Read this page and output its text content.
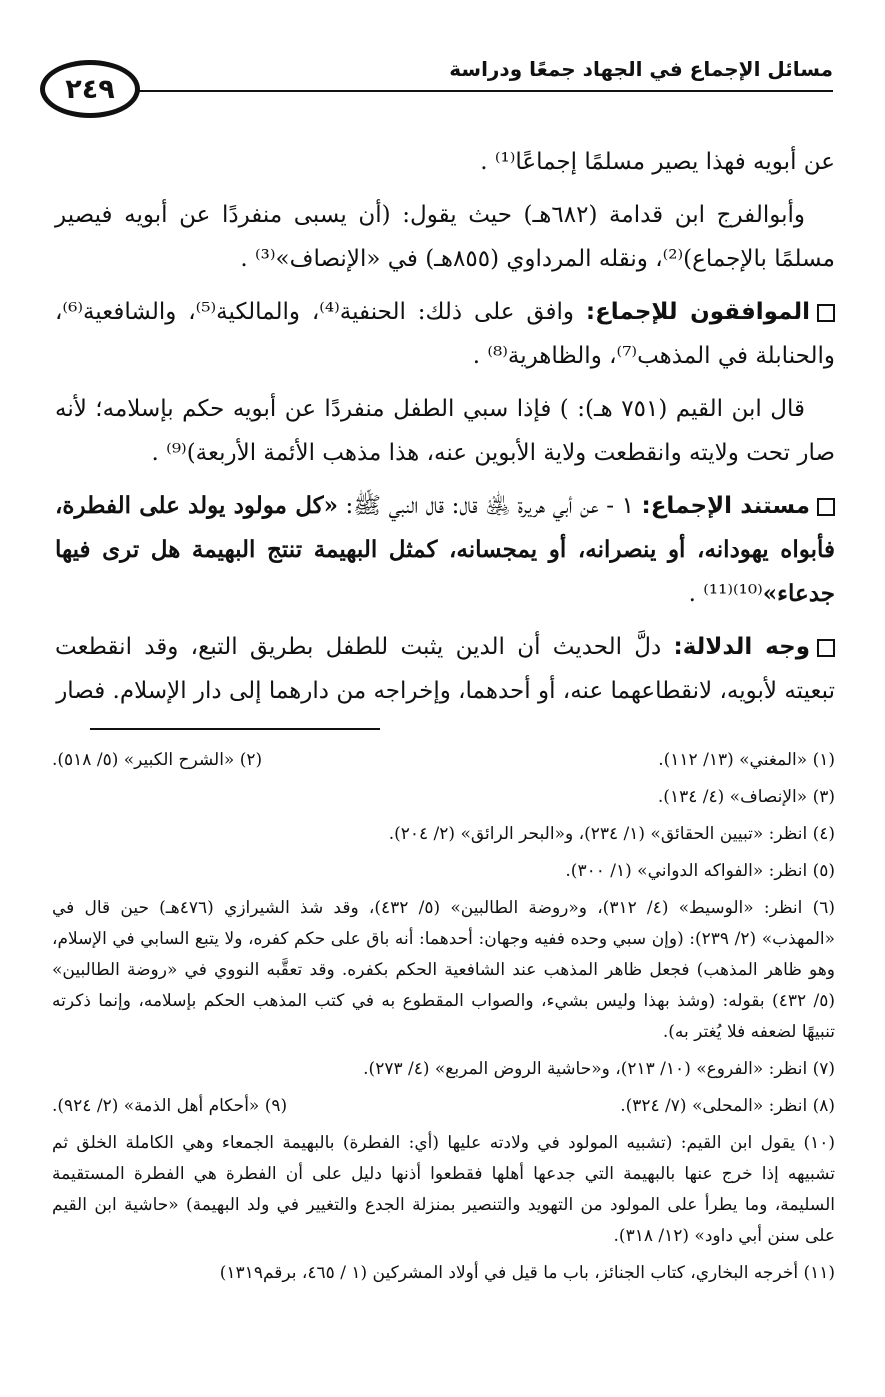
٢٤٩
مسائل الإجماع في الجهاد جمعًا ودراسة

عن أبويه فهذا يصير مسلمًا إجماعًا⁽¹⁾ .

وأبوالفرج ابن قدامة (٦٨٢هـ) حيث يقول: (أن يسبى منفردًا عن أبويه فيصير مسلمًا بالإجماع)⁽²⁾، ونقله المرداوي (٨٥٥هـ) في «الإنصاف»⁽³⁾ .

الموافقون للإجماع: وافق على ذلك: الحنفية⁽⁴⁾، والمالكية⁽⁵⁾، والشافعية⁽⁶⁾، والحنابلة في المذهب⁽⁷⁾، والظاهرية⁽⁸⁾ .

قال ابن القيم (٧٥١ هـ): ) فإذا سبي الطفل منفردًا عن أبويه حكم بإسلامه؛ لأنه صار تحت ولايته وانقطعت ولاية الأبوين عنه، هذا مذهب الأئمة الأربعة)⁽⁹⁾ .

مستند الإجماع: ١ - عن أبي هريرة ﵁ قال: قال النبي ﷺ: «كل مولود يولد على الفطرة، فأبواه يهودانه، أو ينصرانه، أو يمجسانه، كمثل البهيمة تنتج البهيمة هل ترى فيها جدعاء»⁽¹⁰⁾⁽¹¹⁾ .

وجه الدلالة: دلَّ الحديث أن الدين يثبت للطفل بطريق التبع، وقد انقطعت تبعيته لأبويه، لانقطاعهما عنه، أو أحدهما، وإخراجه من دارهما إلى دار الإسلام. فصار

(١) «المغني» (١٣/ ١١٢).
(٢) «الشرح الكبير» (٥/ ٥١٨).
(٣) «الإنصاف» (٤/ ١٣٤).
(٤) انظر: «تبيين الحقائق» (١/ ٢٣٤)، و«البحر الرائق» (٢/ ٢٠٤).
(٥) انظر: «الفواكه الدواني» (١/ ٣٠٠).
(٦) انظر: «الوسيط» (٤/ ٣١٢)، و«روضة الطالبين» (٥/ ٤٣٢)، وقد شذ الشيرازي (٤٧٦هـ) حين قال في «المهذب» (٢/ ٢٣٩): (وإن سبي وحده ففيه وجهان: أحدهما: أنه باق على حكم كفره، ولا يتبع السابي في الإسلام، وهو ظاهر المذهب) فجعل ظاهر المذهب عند الشافعية الحكم بكفره. وقد تعقَّبه النووي في «روضة الطالبين» (٥/ ٤٣٢) بقوله: (وشذ بهذا وليس بشيء، والصواب المقطوع به في كتب المذهب الحكم بإسلامه، وإنما ذكرته تنبيهًا لضعفه فلا يُغتر به).
(٧) انظر: «الفروع» (١٠/ ٢١٣)، و«حاشية الروض المربع» (٤/ ٢٧٣).
(٨) انظر: «المحلى» (٧/ ٣٢٤).
(٩) «أحكام أهل الذمة» (٢/ ٩٢٤).
(١٠) يقول ابن القيم: (تشبيه المولود في ولادته عليها (أي: الفطرة) بالبهيمة الجمعاء وهي الكاملة الخلق ثم تشبيهه إذا خرج عنها بالبهيمة التي جدعها أهلها فقطعوا أذنها دليل على أن الفطرة هي الفطرة المستقيمة السليمة، وما يطرأ على المولود من التهويد والتنصير بمنزلة الجدع والتغيير في ولد البهيمة) «حاشية ابن القيم على سنن أبي داود» (١٢/ ٣١٨).
(١١) أخرجه البخاري، كتاب الجنائز، باب ما قيل في أولاد المشركين (١ / ٤٦٥، برقم١٣١٩)
